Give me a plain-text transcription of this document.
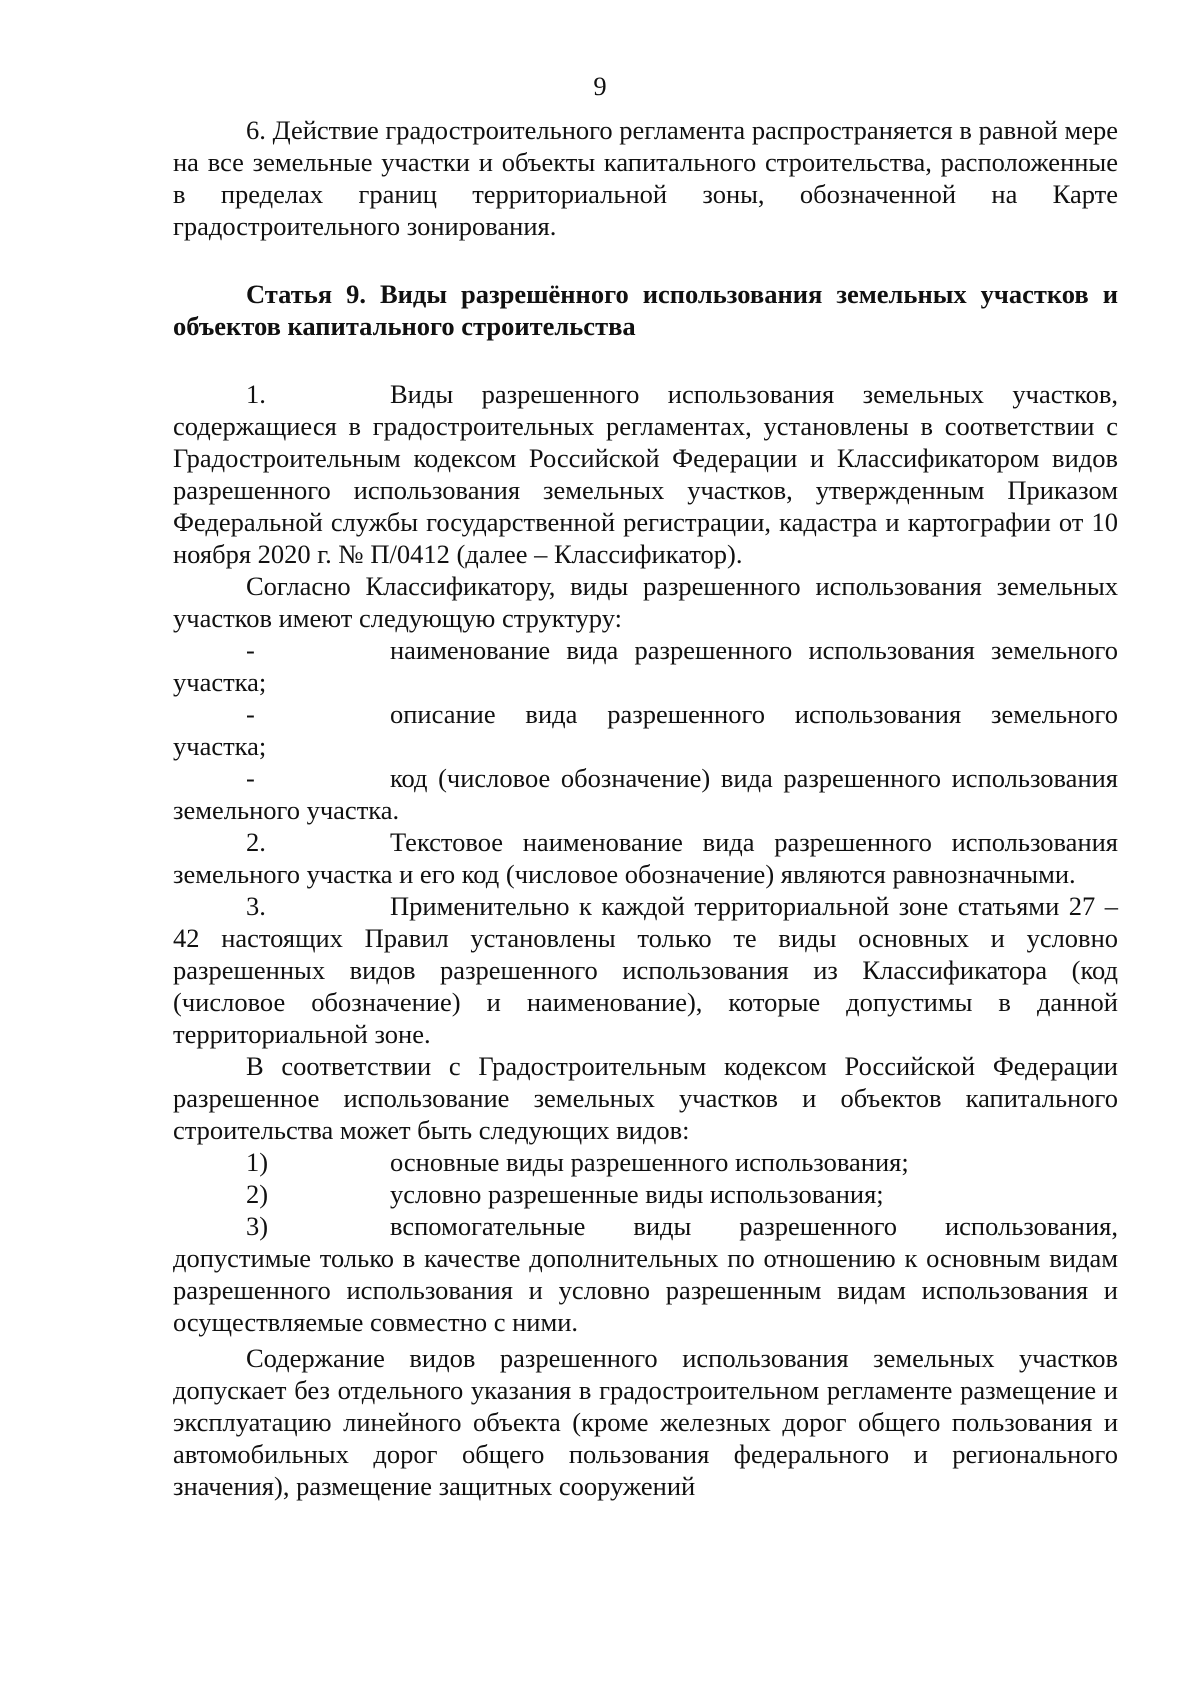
9

6. Действие градостроительного регламента распространяется в равной мере на все земельные участки и объекты капитального строительства, расположенные в пределах границ территориальной зоны, обозначенной на Карте градостроительного зонирования.

Статья 9. Виды разрешённого использования земельных участков и объектов капитального строительства

1.	Виды разрешенного использования земельных участков, содержащиеся в градостроительных регламентах, установлены в соответствии с Градостроительным кодексом Российской Федерации и Классификатором видов разрешенного использования земельных участков, утвержденным Приказом Федеральной службы государственной регистрации, кадастра и картографии от 10 ноября 2020 г. № П/0412 (далее – Классификатор).

Согласно Классификатору, виды разрешенного использования земельных участков имеют следующую структуру:

-	наименование вида разрешенного использования земельного участка;

-	описание вида разрешенного использования земельного участка;

-	код (числовое обозначение) вида разрешенного использования земельного участка.

2.	Текстовое наименование вида разрешенного использования земельного участка и его код (числовое обозначение) являются равнозначными.

3.	Применительно к каждой территориальной зоне статьями 27 – 42 настоящих Правил установлены только те виды основных и условно разрешенных видов разрешенного использования из Классификатора (код (числовое обозначение) и наименование), которые допустимы в данной территориальной зоне.

В соответствии с Градостроительным кодексом Российской Федерации разрешенное использование земельных участков и объектов капитального строительства может быть следующих видов:

1)	основные виды разрешенного использования;

2)	условно разрешенные виды использования;

3)	вспомогательные виды разрешенного использования, допустимые только в качестве дополнительных по отношению к основным видам разрешенного использования и условно разрешенным видам использования и осуществляемые совместно с ними.

Содержание видов разрешенного использования земельных участков допускает без отдельного указания в градостроительном регламенте размещение и эксплуатацию линейного объекта (кроме железных дорог общего пользования и автомобильных дорог общего пользования федерального и регионального значения), размещение защитных сооружений
